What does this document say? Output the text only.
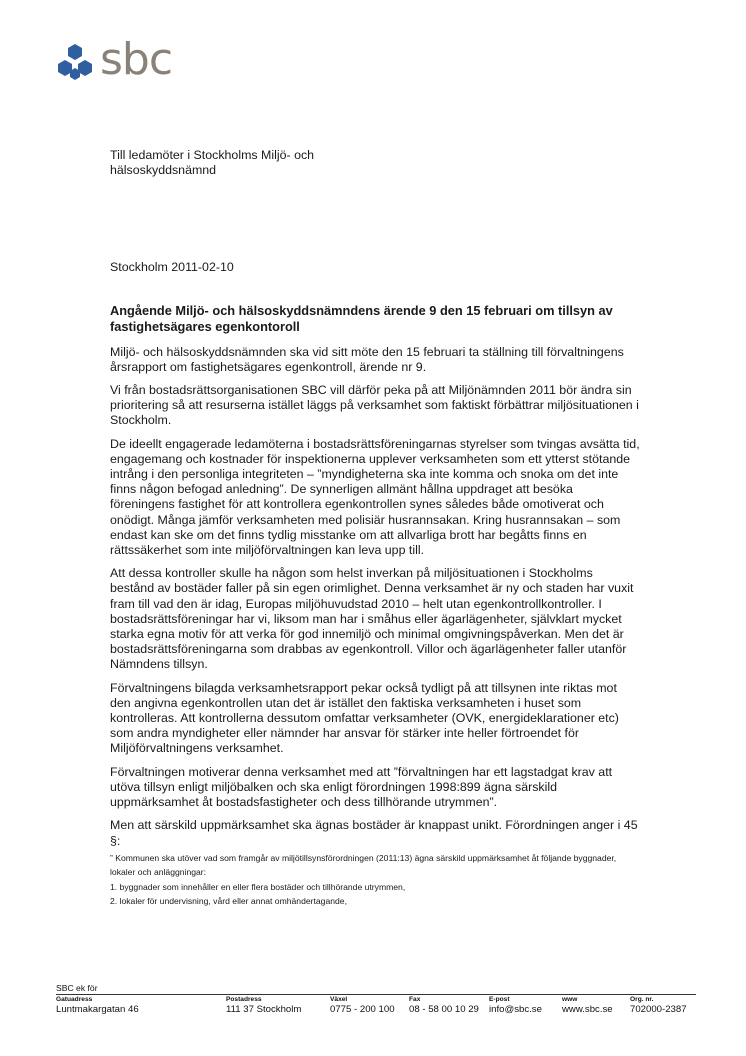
sbc

Till ledamöter i Stockholms Miljö- och

hälsoskyddsnämnd

Stockholm 2011-02-10
Angående Miljö- och hälsoskyddsnämndens ärende 9 den 15 februari om tillsyn av fastighetsägares egenkontoroll

Miljö- och hälsoskyddsnämnden ska vid sitt möte den 15 februari ta ställning till förvaltningens årsrapport om fastighetsägares egenkontroll, ärende nr 9.

Vi från bostadsrättsorganisationen SBC vill därför peka på att Miljönämnden 2011 bör ändra sin prioritering så att resurserna istället läggs på verksamhet som faktiskt förbättrar miljösituationen i Stockholm.

De ideellt engagerade ledamöterna i bostadsrättsföreningarnas styrelser som tvingas avsätta tid, engagemang och kostnader för inspektionerna upplever verksamheten som ett ytterst stötande intrång i den personliga integriteten – ”myndigheterna ska inte komma och snoka om det inte finns någon befogad anledning”. De synnerligen allmänt hållna uppdraget att besöka föreningens fastighet för att kontrollera egenkontrollen synes således både omotiverat och onödigt. Många jämför verksamheten med polisiär husrannsakan. Kring husrannsakan – som endast kan ske om det finns tydlig misstanke om att allvarliga brott har begåtts finns en rättssäkerhet som inte miljöförvaltningen kan leva upp till.

Att dessa kontroller skulle ha någon som helst inverkan på miljösituationen i Stockholms bestånd av bostäder faller på sin egen orimlighet. Denna verksamhet är ny och staden har vuxit fram till vad den är idag, Europas miljöhuvudstad 2010 – helt utan egenkontrollkontroller. I bostadsrättsföreningar har vi, liksom man har i småhus eller ägarlägenheter, självklart mycket starka egna motiv för att verka för god innemiljö och minimal omgivningspåverkan. Men det är bostadsrättsföreningarna som drabbas av egenkontroll. Villor och ägarlägenheter faller utanför Nämndens tillsyn.

Förvaltningens bilagda verksamhetsrapport pekar också tydligt på att tillsynen inte riktas mot den angivna egenkontrollen utan det är istället den faktiska verksamheten i huset som kontrolleras. Att kontrollerna dessutom omfattar verksamheter (OVK, energideklarationer etc) som andra myndigheter eller nämnder har ansvar för stärker inte heller förtroendet för Miljöförvaltningens verksamhet.

Förvaltningen motiverar denna verksamhet med att ”förvaltningen har ett lagstadgat krav att utöva tillsyn enligt miljöbalken och ska enligt förordningen 1998:899 ägna särskild uppmärksamhet åt bostadsfastigheter och dess tillhörande utrymmen”.

Men att särskild uppmärksamhet ska ägnas bostäder är knappast unikt. Förordningen anger i 45 §:

” Kommunen ska utöver vad som framgår av miljötillsynsförordningen (2011:13) ägna särskild uppmärksamhet åt följande byggnader, lokaler och anläggningar:

1. byggnader som innehåller en eller flera bostäder och tillhörande utrymmen,

2. lokaler för undervisning, vård eller annat omhändertagande,

SBC ek för
Gatuadress
Luntmakargatan 46
Postadress
111 37 Stockholm
Växel
0775 - 200 100
Fax
08 - 58 00 10 29
E-post
info@sbc.se
www
www.sbc.se
Org. nr.
702000-2387
